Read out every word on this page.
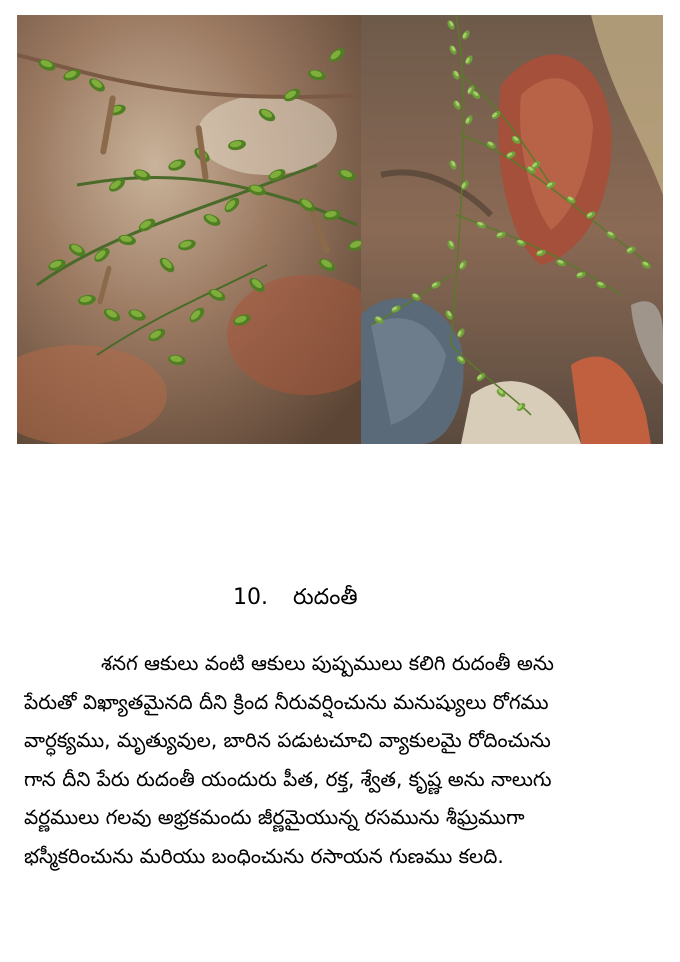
10. రుదంతీ
శనగ ఆకులు వంటి ఆకులు పుష్పములు కలిగి రుదంతీ అను
పేరుతో విఖ్యాతమైనది దీని క్రింద నీరువర్షించును మనుష్యులు రోగము
వార్ధక్యము, మృత్యువుల, బారిన పడుటచూచి వ్యాకులమై రోదించును
గాన దీని పేరు రుదంతీ యందురు పీత, రక్త, శ్వేత, కృష్ణ అను నాలుగు
వర్ణములు గలవు అభ్రకమందు జీర్ణమైయున్న రసమును శీఘ్రముగా
భస్మీకరించును మరియు బంధించును రసాయన గుణము కలది.
